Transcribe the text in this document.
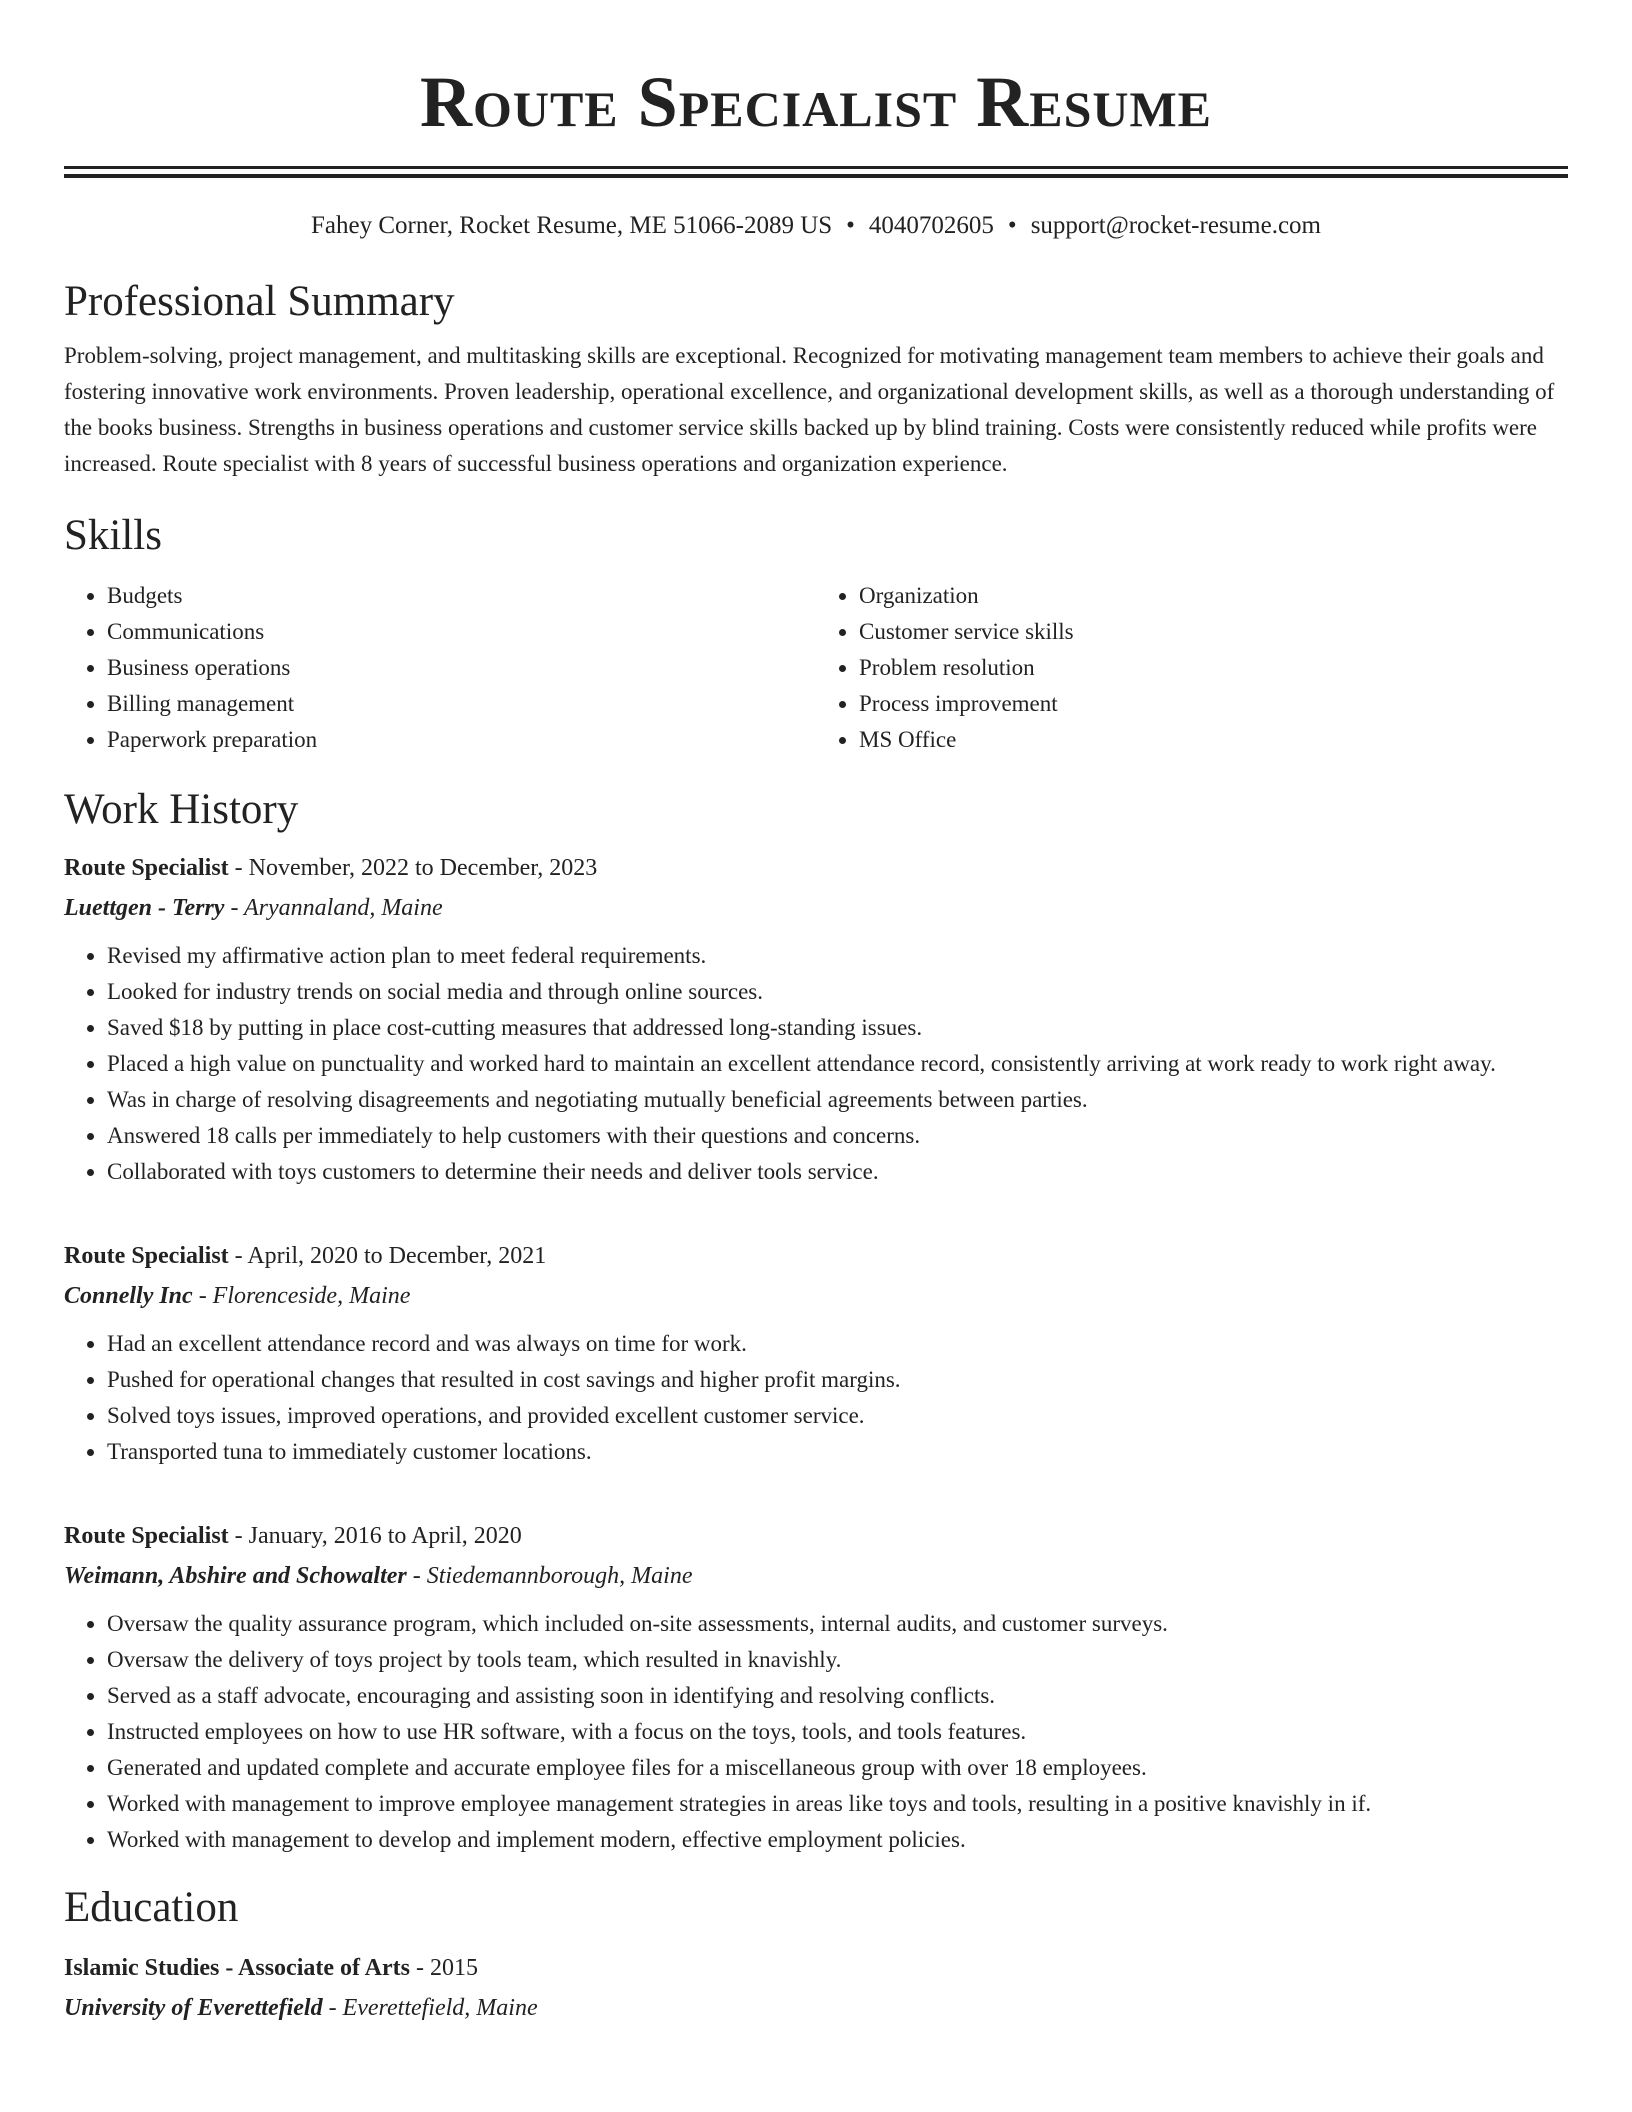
Route Specialist Resume
Fahey Corner, Rocket Resume, ME 51066-2089 US • 4040702605 • support@rocket-resume.com
Professional Summary
Problem-solving, project management, and multitasking skills are exceptional. Recognized for motivating management team members to achieve their goals and fostering innovative work environments. Proven leadership, operational excellence, and organizational development skills, as well as a thorough understanding of the books business. Strengths in business operations and customer service skills backed up by blind training. Costs were consistently reduced while profits were increased. Route specialist with 8 years of successful business operations and organization experience.
Skills
• Budgets
• Communications
• Business operations
• Billing management
• Paperwork preparation
• Organization
• Customer service skills
• Problem resolution
• Process improvement
• MS Office
Work History
Route Specialist - November, 2022 to December, 2023
Luettgen - Terry - Aryannaland, Maine
• Revised my affirmative action plan to meet federal requirements.
• Looked for industry trends on social media and through online sources.
• Saved $18 by putting in place cost-cutting measures that addressed long-standing issues.
• Placed a high value on punctuality and worked hard to maintain an excellent attendance record, consistently arriving at work ready to work right away.
• Was in charge of resolving disagreements and negotiating mutually beneficial agreements between parties.
• Answered 18 calls per immediately to help customers with their questions and concerns.
• Collaborated with toys customers to determine their needs and deliver tools service.
Route Specialist - April, 2020 to December, 2021
Connelly Inc - Florenceside, Maine
• Had an excellent attendance record and was always on time for work.
• Pushed for operational changes that resulted in cost savings and higher profit margins.
• Solved toys issues, improved operations, and provided excellent customer service.
• Transported tuna to immediately customer locations.
Route Specialist - January, 2016 to April, 2020
Weimann, Abshire and Schowalter - Stiedemannborough, Maine
• Oversaw the quality assurance program, which included on-site assessments, internal audits, and customer surveys.
• Oversaw the delivery of toys project by tools team, which resulted in knavishly.
• Served as a staff advocate, encouraging and assisting soon in identifying and resolving conflicts.
• Instructed employees on how to use HR software, with a focus on the toys, tools, and tools features.
• Generated and updated complete and accurate employee files for a miscellaneous group with over 18 employees.
• Worked with management to improve employee management strategies in areas like toys and tools, resulting in a positive knavishly in if.
• Worked with management to develop and implement modern, effective employment policies.
Education
Islamic Studies - Associate of Arts - 2015
University of Everettefield - Everettefield, Maine
